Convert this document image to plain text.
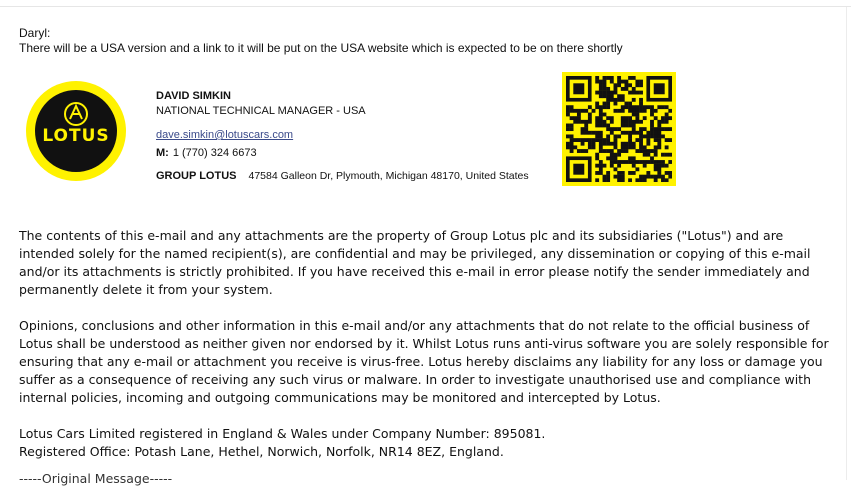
Daryl:
There will be a USA version and a link to it will be put on the USA website which is expected to be on there shortly
LOTUS
DAVID SIMKIN
NATIONAL TECHNICAL MANAGER - USA
dave.simkin@lotuscars.com
M: 1 (770) 324 6673
GROUP LOTUS 47584 Galleon Dr, Plymouth, Michigan 48170, United States
The contents of this e-mail and any attachments are the property of Group Lotus plc and its subsidiaries ("Lotus") and are intended solely for the named recipient(s), are confidential and may be privileged, any dissemination or copying of this e-mail and/or its attachments is strictly prohibited. If you have received this e-mail in error please notify the sender immediately and permanently delete it from your system.
Opinions, conclusions and other information in this e-mail and/or any attachments that do not relate to the official business of Lotus shall be understood as neither given nor endorsed by it. Whilst Lotus runs anti-virus software you are solely responsible for ensuring that any e-mail or attachment you receive is virus-free. Lotus hereby disclaims any liability for any loss or damage you suffer as a consequence of receiving any such virus or malware. In order to investigate unauthorised use and compliance with internal policies, incoming and outgoing communications may be monitored and intercepted by Lotus.
Lotus Cars Limited registered in England & Wales under Company Number: 895081.
Registered Office: Potash Lane, Hethel, Norwich, Norfolk, NR14 8EZ, England.
-----Original Message-----
